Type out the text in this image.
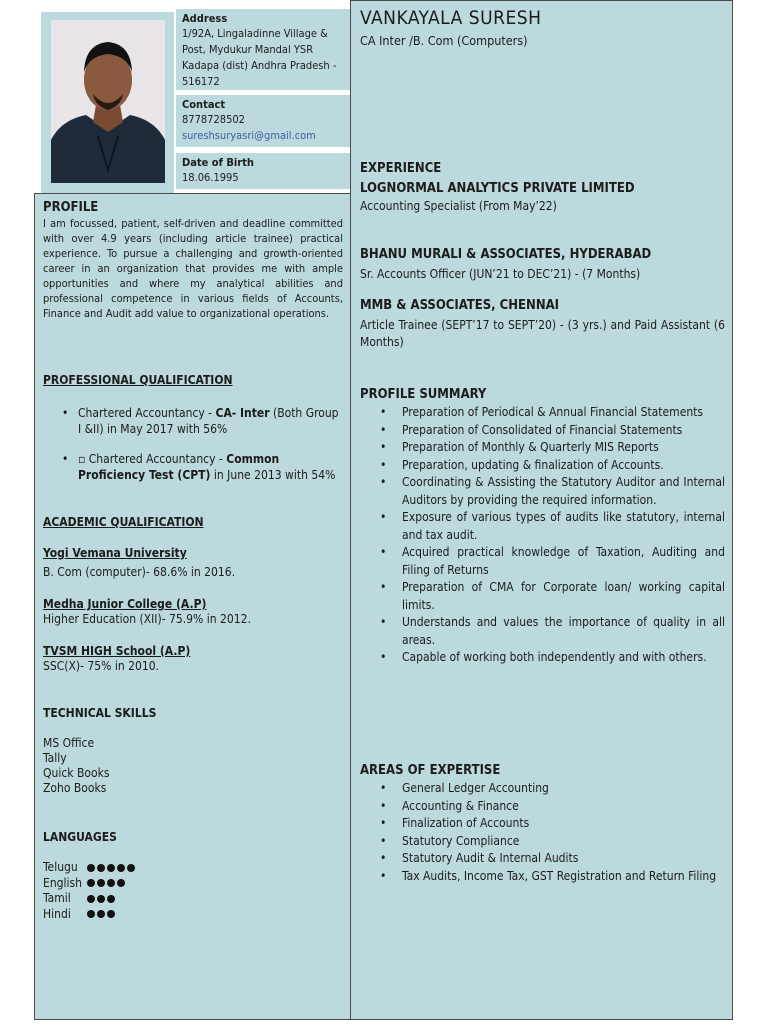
Address
1/92A, Lingaladinne Village &
Post, Mydukur Mandal YSR
Kadapa (dist) Andhra Pradesh -
516172
Contact
8778728502
sureshsuryasri@gmail.com
Date of Birth
18.06.1995
PROFILE
I am focussed, patient, self-driven and deadline committed with over 4.9 years (including article trainee) practical experience. To pursue a challenging and growth-oriented career in an organization that provides me with ample opportunities and where my analytical abilities and professional competence in various fields of Accounts, Finance and Audit add value to organizational operations.
PROFESSIONAL QUALIFICATION
• Chartered Accountancy - CA- Inter (Both Group I &II) in May 2017 with 56%
• ▫ Chartered Accountancy - Common Proficiency Test (CPT) in June 2013 with 54%
ACADEMIC QUALIFICATION
Yogi Vemana University
B. Com (computer)- 68.6% in 2016.
Medha Junior College (A.P)
Higher Education (XII)- 75.9% in 2012.
TVSM HIGH School (A.P)
SSC(X)- 75% in 2010.
TECHNICAL SKILLS
MS Office
Tally
Quick Books
Zoho Books
LANGUAGES
Telugu
English
Tamil
Hindi
VANKAYALA SURESH
CA Inter /B. Com (Computers)
EXPERIENCE
LOGNORMAL ANALYTICS PRIVATE LIMITED
Accounting Specialist (From May’22)
BHANU MURALI & ASSOCIATES, HYDERABAD
Sr. Accounts Officer (JUN’21 to DEC’21) - (7 Months)
MMB & ASSOCIATES, CHENNAI
Article Trainee (SEPT’17 to SEPT’20) - (3 yrs.) and Paid Assistant (6 Months)
PROFILE SUMMARY
• Preparation of Periodical & Annual Financial Statements
• Preparation of Consolidated of Financial Statements
• Preparation of Monthly & Quarterly MIS Reports
• Preparation, updating & finalization of Accounts.
• Coordinating & Assisting the Statutory Auditor and Internal Auditors by providing the required information.
• Exposure of various types of audits like statutory, internal and tax audit.
• Acquired practical knowledge of Taxation, Auditing and Filing of Returns
• Preparation of CMA for Corporate loan/ working capital limits.
• Understands and values the importance of quality in all areas.
• Capable of working both independently and with others.
AREAS OF EXPERTISE
• General Ledger Accounting
• Accounting & Finance
• Finalization of Accounts
• Statutory Compliance
• Statutory Audit & Internal Audits
• Tax Audits, Income Tax, GST Registration and Return Filing
